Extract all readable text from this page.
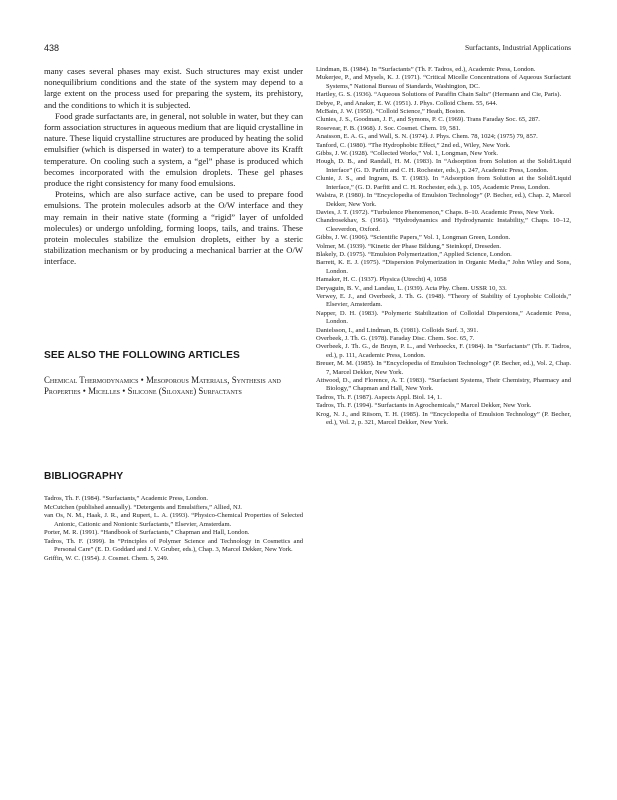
438	Surfactants, Industrial Applications

many cases several phases may exist. Such structures may exist under nonequilibrium conditions and the state of the system may depend to a large extent on the process used for preparing the system, its prehistory, and the conditions to which it is subjected.

Food grade surfactants are, in general, not soluble in water, but they can form association structures in aqueous medium that are liquid crystalline in nature. These liquid crystalline structures are produced by heating the solid emulsifier (which is dispersed in water) to a temperature above its Krafft temperature. On cooling such a system, a “gel” phase is produced which becomes incorporated with the emulsion droplets. These gel phases produce the right consistency for many food emulsions.

Proteins, which are also surface active, can be used to prepare food emulsions. The protein molecules adsorb at the O/W interface and they may remain in their native state (forming a “rigid” layer of unfolded molecules) or undergo unfolding, forming loops, tails, and trains. These protein molecules stabilize the emulsion droplets, either by a steric stabilization mechanism or by producing a mechanical barrier at the O/W interface.

SEE ALSO THE FOLLOWING ARTICLES
Chemical Thermodynamics • Mesoporous Materials, Synthesis and Properties • Micelles • Silicone (Siloxane) Surfactants
BIBLIOGRAPHY

Tadros, Th. F. (1984). “Surfactants,” Academic Press, London.

McCutchen (published annually). “Detergents and Emulsifiers,” Allied, NJ.

van Os, N. M., Haak, J. R., and Rupert, L. A. (1993). “Physico-Chemical Properties of Selected Anionic, Cationic and Nonionic Surfactants,” Elsevier, Amsterdam.

Porter, M. R. (1991). “Handbook of Surfactants,” Chapman and Hall, London.

Tadros, Th. F. (1999). In “Principles of Polymer Science and Technology in Cosmetics and Personal Care” (E. D. Goddard and J. V. Gruber, eds.), Chap. 3, Marcel Dekker, New York.

Griffin, W. C. (1954). J. Cosmet. Chem. 5, 249.

Lindman, B. (1984). In “Surfactants” (Th. F. Tadros, ed.), Academic Press, London.

Mukerjee, P., and Mysels, K. J. (1971). “Critical Micelle Concentrations of Aqueous Surfactant Systems,” National Bureau of Standards, Washington, DC.

Hartley, G. S. (1936). “Aqueous Solutions of Paraffin Chain Salts” (Hermann and Cie, Paris).

Debye, P., and Anaker, E. W. (1951). J. Phys. Colloid Chem. 55, 644.

McBain, J. W. (1950). “Colloid Science,” Heath, Boston.

Clunies, J. S., Goodman, J. F., and Symons, P. C. (1969). Trans Faraday Soc. 65, 287.

Rosevear, F. B. (1968). J. Soc. Cosmet. Chem. 19, 581.

Anaisson, E. A. G., and Wall, S. N. (1974). J. Phys. Chem. 78, 1024; (1975) 79, 857.

Tanford, C. (1980). “The Hydrophobic Effect,” 2nd ed., Wiley, New York.

Gibbs, J. W. (1928). “Collected Works,” Vol. 1, Longman, New York.

Hough, D. B., and Randall, H. M. (1983). In “Adsorption from Solution at the Solid/Liquid Interface” (G. D. Parfitt and C. H. Rochester, eds.), p. 247, Academic Press, London.

Clunie, J. S., and Ingram, B. T. (1983). In “Adsorption from Solution at the Solid/Liquid Interface,” (G. D. Parfitt and C. H. Rochester, eds.), p. 105, Academic Press, London.

Walstra, P. (1980). In “Encyclopedia of Emulsion Technology” (P. Becher, ed.), Chap. 2, Marcel Dekker, New York.

Davies, J. T. (1972). “Turbulence Phenomenon,” Chaps. 8–10. Academic Press, New York.

Chandrosekhav, S. (1961). “Hydrodynamics and Hydrodynamic Instability,” Chaps. 10–12, Cleeverdon, Oxford.

Gibbs, J. W. (1906). “Scientific Papers,” Vol. 1, Longman Green, London.

Volmer, M. (1939). “Kinetic der Phase Bildung,” Steinkopf, Dreseden.

Blakely, D. (1975). “Emulsion Polymerization,” Applied Science, London.

Barrett, K. E. J. (1975). “Dispersion Polymerization in Organic Media,” John Wiley and Sons, London.

Hamaker, H. C. (1937). Physica (Utrecht) 4, 1058

Deryaguin, B. V., and Landau, L. (1939). Acta Phy. Chem. USSR 10, 33.

Verwey, E. J., and Overbeek, J. Th. G. (1948). “Theory of Stability of Lyophobic Colloids,” Elsevier, Amsterdam.

Napper, D. H. (1983). “Polymeric Stabilization of Colloidal Dispersions,” Academic Press, London.

Danielsson, I., and Lindman, B. (1981). Colloids Surf. 3, 391.

Overbeek, J. Th. G. (1978). Faraday Disc. Chem. Soc. 65, 7.

Overbeek, J. Th. G., de Bruyn, P. L., and Verhoeckx, F. (1984). In “Surfactants” (Th. F. Tadros, ed.), p. 111, Academic Press, London.

Breuer, M. M. (1985). In “Encyclopedia of Emulsion Technology” (P. Becher, ed.), Vol. 2, Chap. 7, Marcel Dekker, New York.

Attwood, D., and Florence, A. T. (1983). “Surfactant Systems, Their Chemistry, Pharmacy and Biology,” Chapman and Hall, New York.

Tadros, Th. F. (1987). Aspects Appl. Biol. 14, 1.

Tadros, Th. F. (1994). “Surfactants in Agrochemicals,” Marcel Dekker, New York.

Krog, N. J., and Riisom, T. H. (1985). In “Encyclopedia of Emulsion Technology” (P. Becher, ed.), Vol. 2, p. 321, Marcel Dekker, New York.
